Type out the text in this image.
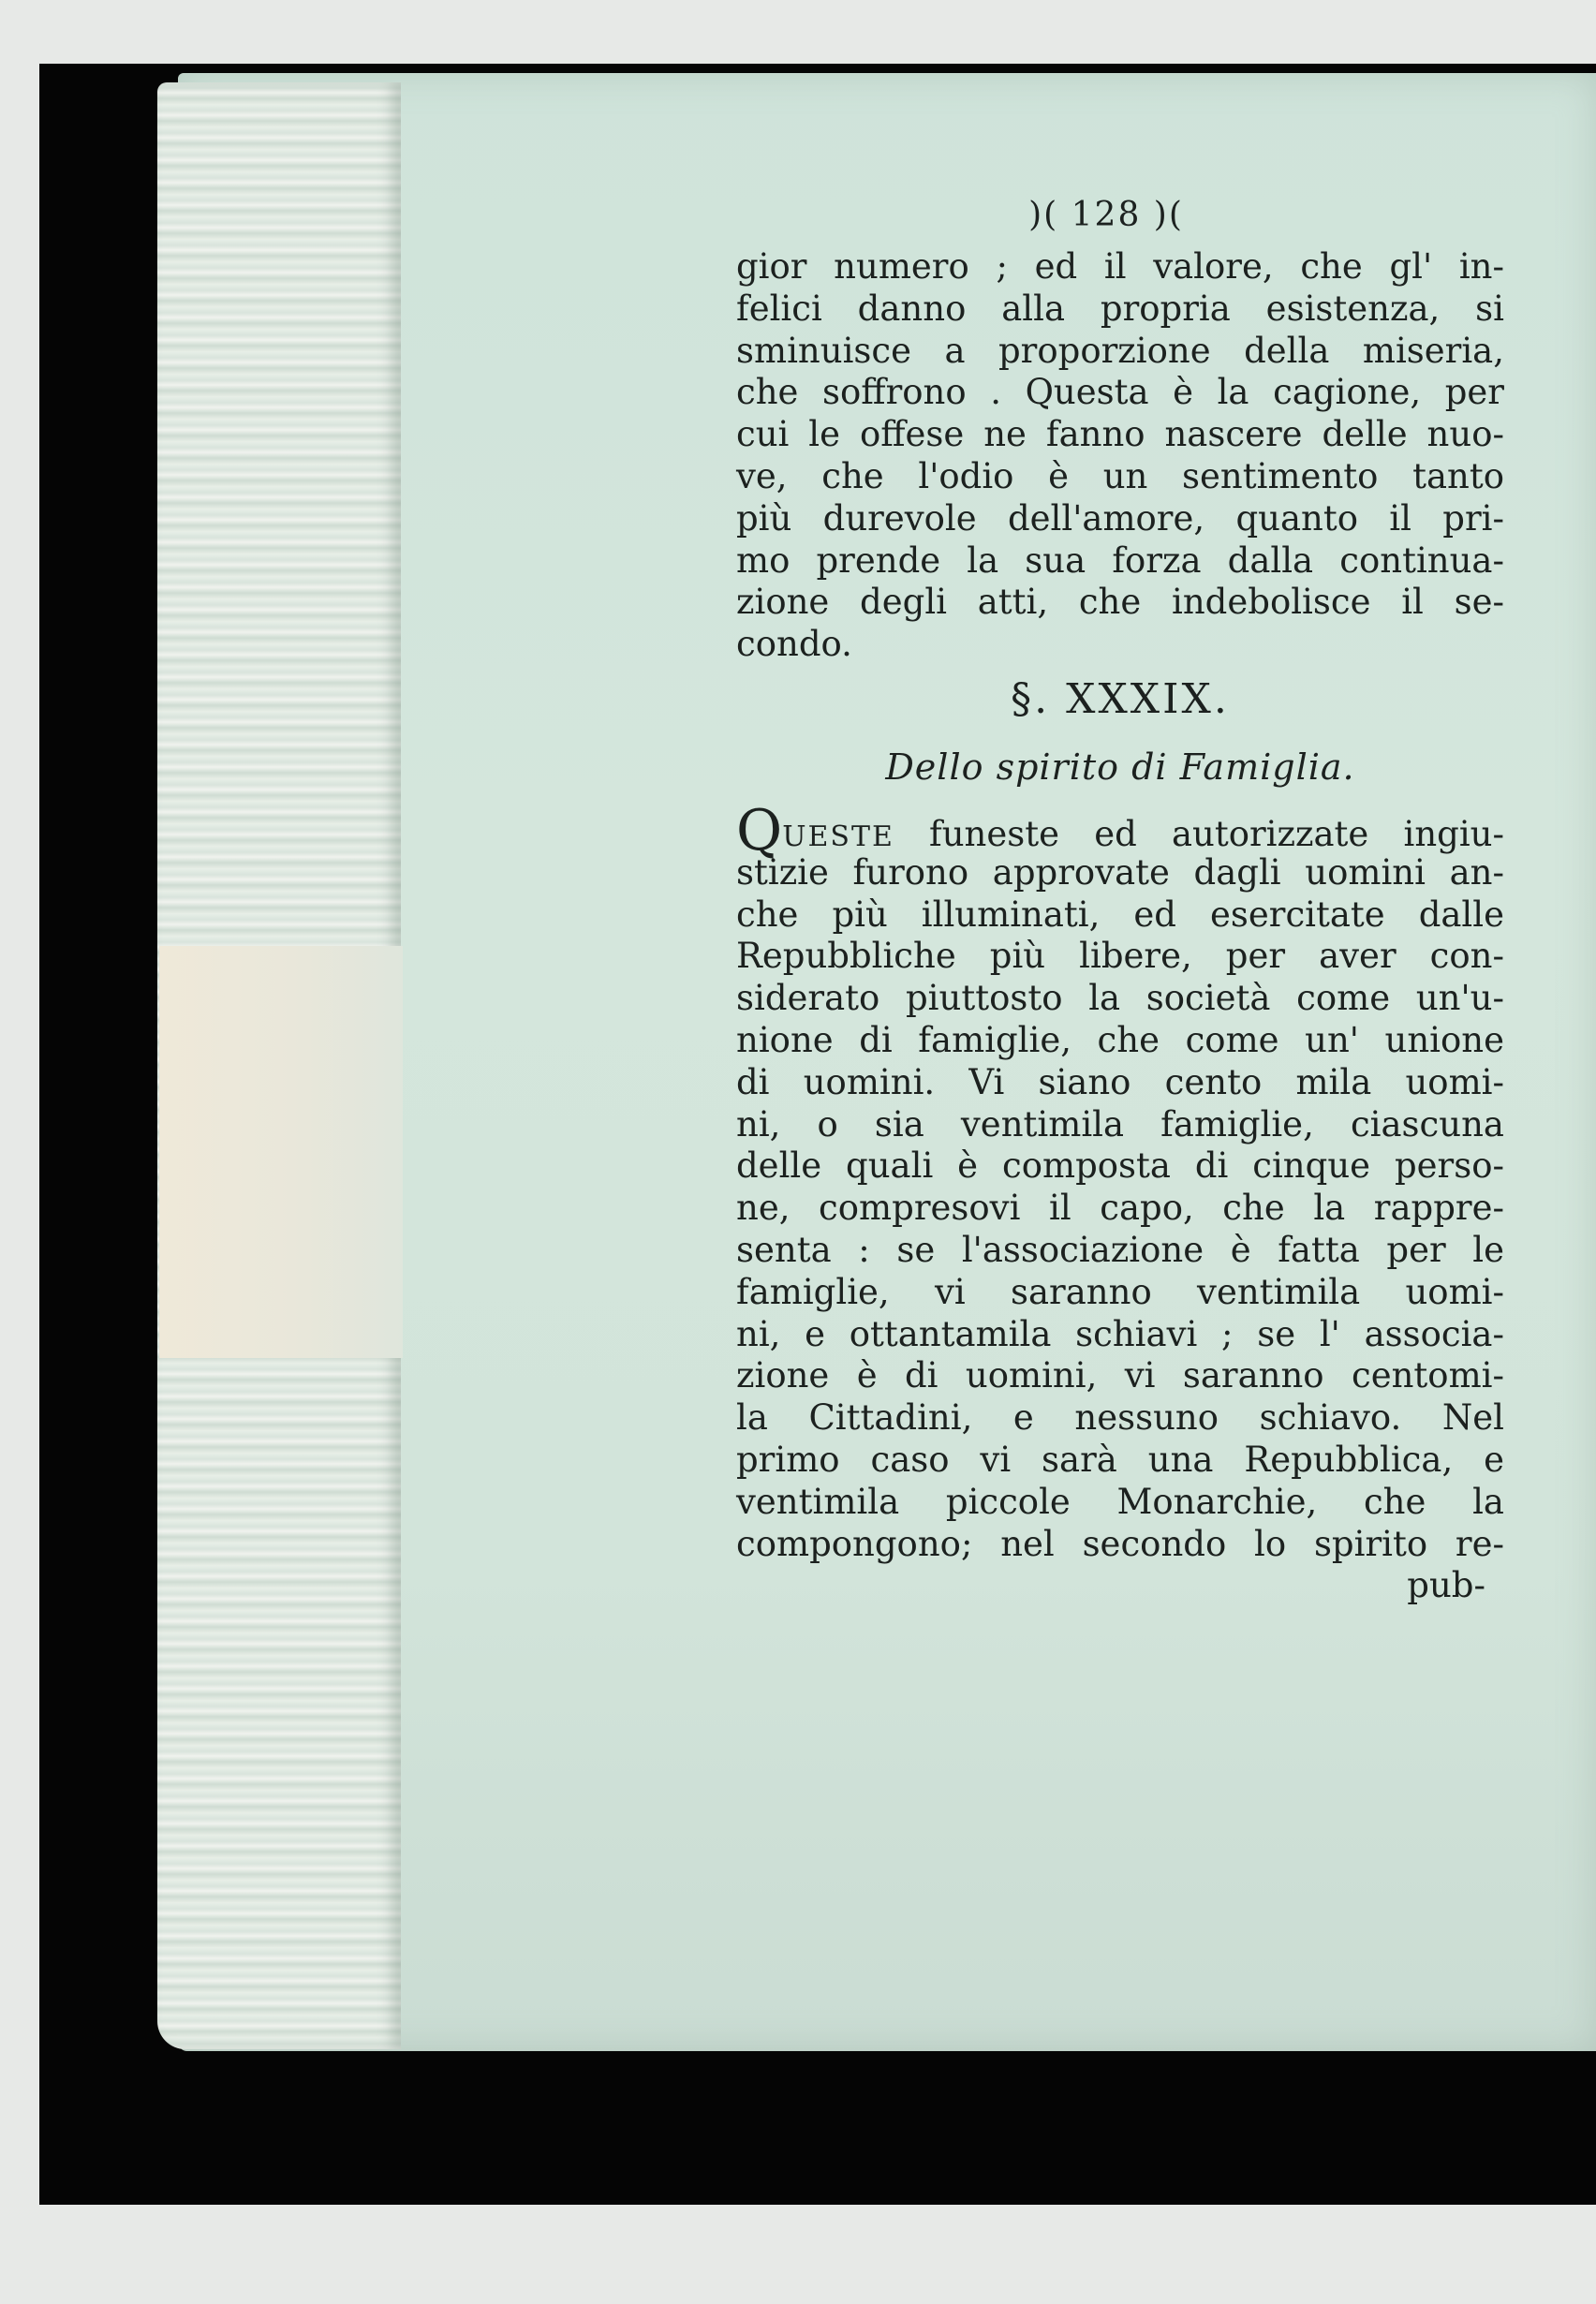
)( 128 )(
gior numero ; ed il valore, che gl' in-
felici danno alla propria esistenza, si
sminuisce a proporzione della miseria,
che soffrono . Questa è la cagione, per
cui le offese ne fanno nascere delle nuo-
ve, che l'odio è un sentimento tanto
più durevole dell'amore, quanto il pri-
mo prende la sua forza dalla continua-
zione degli atti, che indebolisce il se-
condo.
§. XXXIX.
Dello spirito di Famiglia.
QUESTE funeste ed autorizzate ingiu-
stizie furono approvate dagli uomini an-
che più illuminati, ed esercitate dalle
Repubbliche più libere, per aver con-
siderato piuttosto la società come un'u-
nione di famiglie, che come un' unione
di uomini. Vi siano cento mila uomi-
ni, o sia ventimila famiglie, ciascuna
delle quali è composta di cinque perso-
ne, compresovi il capo, che la rappre-
senta : se l'associazione è fatta per le
famiglie, vi saranno ventimila uomi-
ni, e ottantamila schiavi ; se l' associa-
zione è di uomini, vi saranno centomi-
la Cittadini, e nessuno schiavo. Nel
primo caso vi sarà una Repubblica, e
ventimila piccole Monarchie, che la
compongono; nel secondo lo spirito re-
pub-
